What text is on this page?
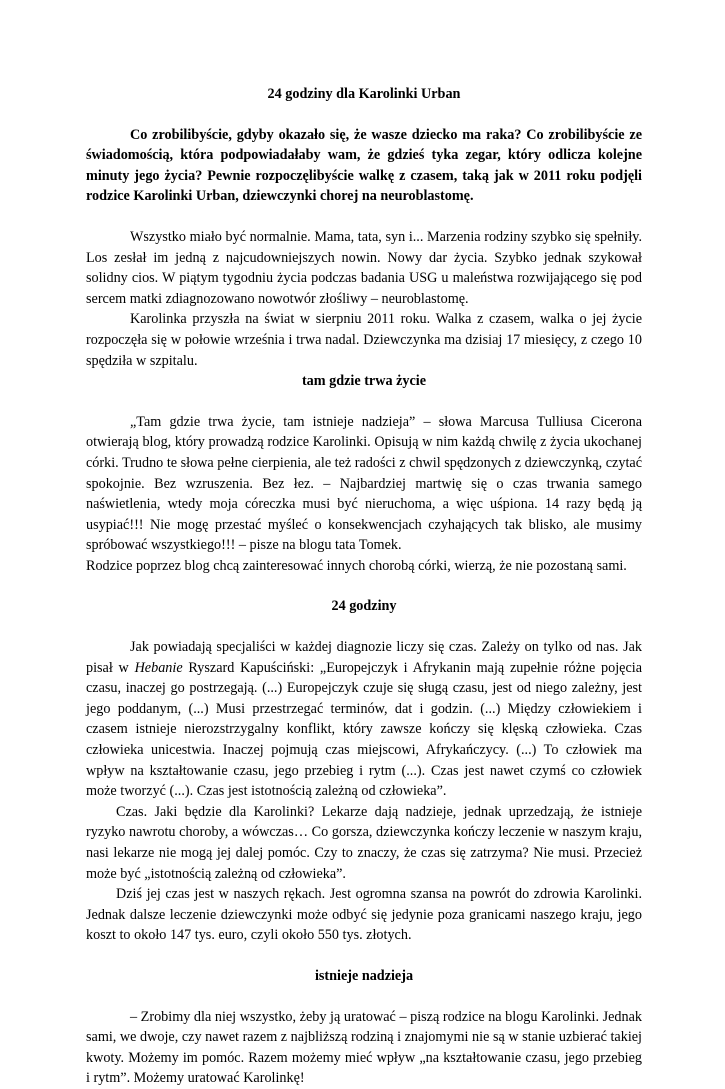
24 godziny dla Karolinki Urban

Co zrobilibyście, gdyby okazało się, że wasze dziecko ma raka? Co zrobilibyście ze świadomością, która podpowiadałaby wam, że gdzieś tyka zegar, który odlicza kolejne minuty jego życia? Pewnie rozpoczęlibyście walkę z czasem, taką jak w 2011 roku podjęli rodzice Karolinki Urban, dziewczynki chorej na neuroblastomę.

Wszystko miało być normalnie. Mama, tata, syn i... Marzenia rodziny szybko się spełniły. Los zesłał im jedną z najcudowniejszych nowin. Nowy dar życia. Szybko jednak szykował solidny cios. W piątym tygodniu życia podczas badania USG u maleństwa rozwijającego się pod sercem matki zdiagnozowano nowotwór złośliwy – neuroblastomę.

Karolinka przyszła na świat w sierpniu 2011 roku. Walka z czasem, walka o jej życie rozpoczęła się w połowie września i trwa nadal. Dziewczynka ma dzisiaj 17 miesięcy, z czego 10 spędziła w szpitalu.

tam gdzie trwa życie

„Tam gdzie trwa życie, tam istnieje nadzieja” – słowa Marcusa Tulliusa Cicerona otwierają blog, który prowadzą rodzice Karolinki. Opisują w nim każdą chwilę z życia ukochanej córki. Trudno te słowa pełne cierpienia, ale też radości z chwil spędzonych z dziewczynką, czytać spokojnie. Bez wzruszenia. Bez łez. – Najbardziej martwię się o czas trwania samego naświetlenia, wtedy moja córeczka musi być nieruchoma, a więc uśpiona. 14 razy będą ją usypiać!!! Nie mogę przestać myśleć o konsekwencjach czyhających tak blisko, ale musimy spróbować wszystkiego!!! – pisze na blogu tata Tomek.

Rodzice poprzez blog chcą zainteresować innych chorobą córki, wierzą, że nie pozostaną sami.

24 godziny

Jak powiadają specjaliści w każdej diagnozie liczy się czas. Zależy on tylko od nas. Jak pisał w Hebanie Ryszard Kapuściński: „Europejczyk i Afrykanin mają zupełnie różne pojęcia czasu, inaczej go postrzegają. (...) Europejczyk czuje się sługą czasu, jest od niego zależny, jest jego poddanym, (...) Musi przestrzegać terminów, dat i godzin. (...) Między człowiekiem i czasem istnieje nierozstrzygalny konflikt, który zawsze kończy się klęską człowieka. Czas człowieka unicestwia. Inaczej pojmują czas miejscowi, Afrykańczycy. (...) To człowiek ma wpływ na kształtowanie czasu, jego przebieg i rytm (...). Czas jest nawet czymś co człowiek może tworzyć (...). Czas jest istotnością zależną od człowieka”.

Czas. Jaki będzie dla Karolinki? Lekarze dają nadzieje, jednak uprzedzają, że istnieje ryzyko nawrotu choroby, a wówczas… Co gorsza, dziewczynka kończy leczenie w naszym kraju, nasi lekarze nie mogą jej dalej pomóc. Czy to znaczy, że czas się zatrzyma? Nie musi. Przecież może być „istotnością zależną od człowieka”.

Dziś jej czas jest w naszych rękach. Jest ogromna szansa na powrót do zdrowia Karolinki. Jednak dalsze leczenie dziewczynki może odbyć się jedynie poza granicami naszego kraju, jego koszt to około 147 tys. euro, czyli około 550 tys. złotych.

istnieje nadzieja

– Zrobimy dla niej wszystko, żeby ją uratować – piszą rodzice na blogu Karolinki. Jednak sami, we dwoje, czy nawet razem z najbliższą rodziną i znajomymi nie są w stanie uzbierać takiej kwoty. Możemy im pomóc. Razem możemy mieć wpływ „na kształtowanie czasu, jego przebieg i rytm”. Możemy uratować Karolinkę!
